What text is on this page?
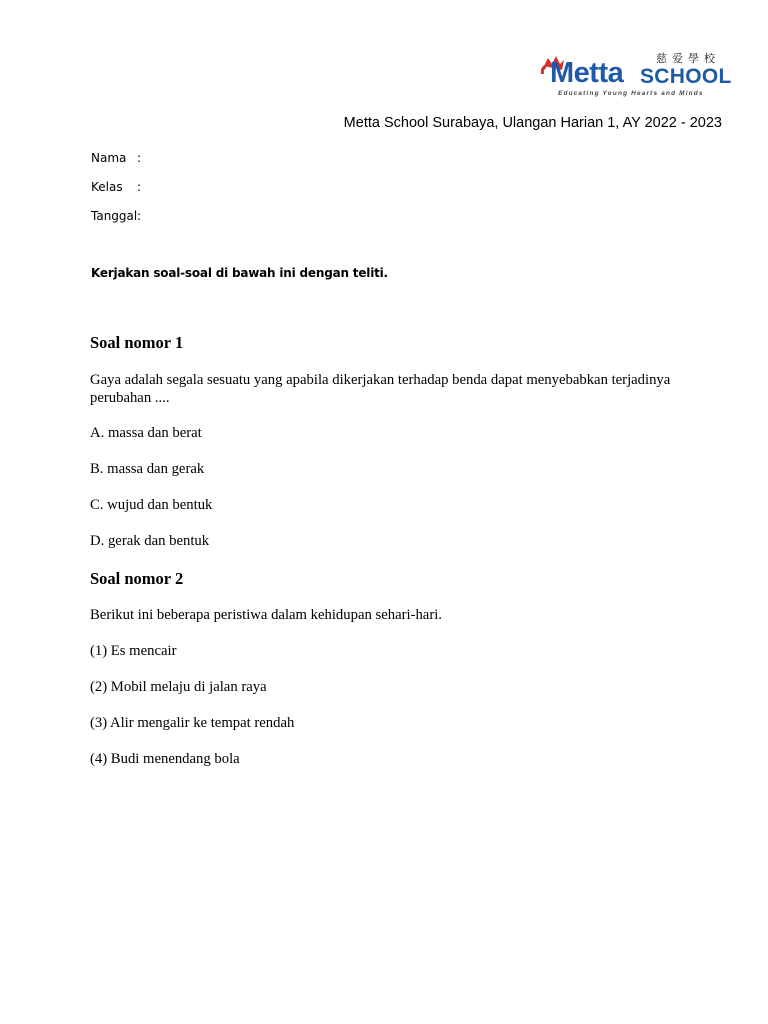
慈爱學校
Metta SCHOOL
Educating Young Hearts and Minds
Metta School Surabaya, Ulangan Harian 1, AY 2022 - 2023
Nama :
Kelas :
Tanggal:
Kerjakan soal-soal di bawah ini dengan teliti.
Soal nomor 1
Gaya adalah segala sesuatu yang apabila dikerjakan terhadap benda dapat menyebabkan terjadinya perubahan ....
A. massa dan berat
B. massa dan gerak
C. wujud dan bentuk
D. gerak dan bentuk
Soal nomor 2
Berikut ini beberapa peristiwa dalam kehidupan sehari-hari.
(1) Es mencair
(2) Mobil melaju di jalan raya
(3) Alir mengalir ke tempat rendah
(4) Budi menendang bola
